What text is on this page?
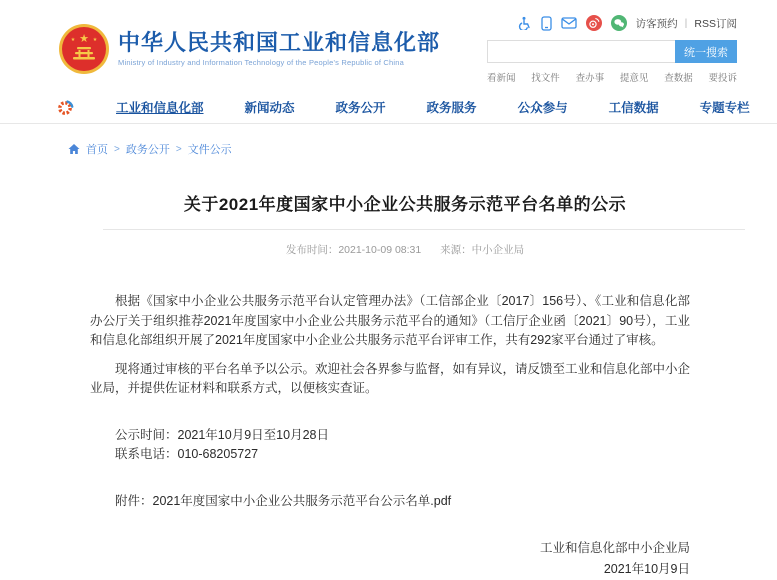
★
★	★ 中华人民共和国工业和信息化部
Ministry of Industry and Information Technology of the People's Republic of China
访客预约 | RSS订阅
统一搜索
看新闻 找文件 查办事 提意见 查数据 要投诉
工业和信息化部	新闻动态	政务公开	政务服务	公众参与	工信数据	专题专栏
首页 > 政务公开 > 文件公示
关于2021年度国家中小企业公共服务示范平台名单的公示
发布时间：2021-10-09 08:31 来源：中小企业局

根据《国家中小企业公共服务示范平台认定管理办法》（工信部企业〔2017〕156号）、《工业和信息化部办公厅关于组织推荐2021年度国家中小企业公共服务示范平台的通知》（工信厅企业函〔2021〕90号），工业和信息化部组织开展了2021年度国家中小企业公共服务示范平台评审工作，共有292家平台通过了审核。

现将通过审核的平台名单予以公示。欢迎社会各界参与监督，如有异议，请反馈至工业和信息化部中小企业局，并提供佐证材料和联系方式，以便核实查证。

公示时间：2021年10月9日至10月28日

联系电话：010-68205727

附件：2021年度国家中小企业公共服务示范平台公示名单.pdf

工业和信息化部中小企业局
2021年10月9日
